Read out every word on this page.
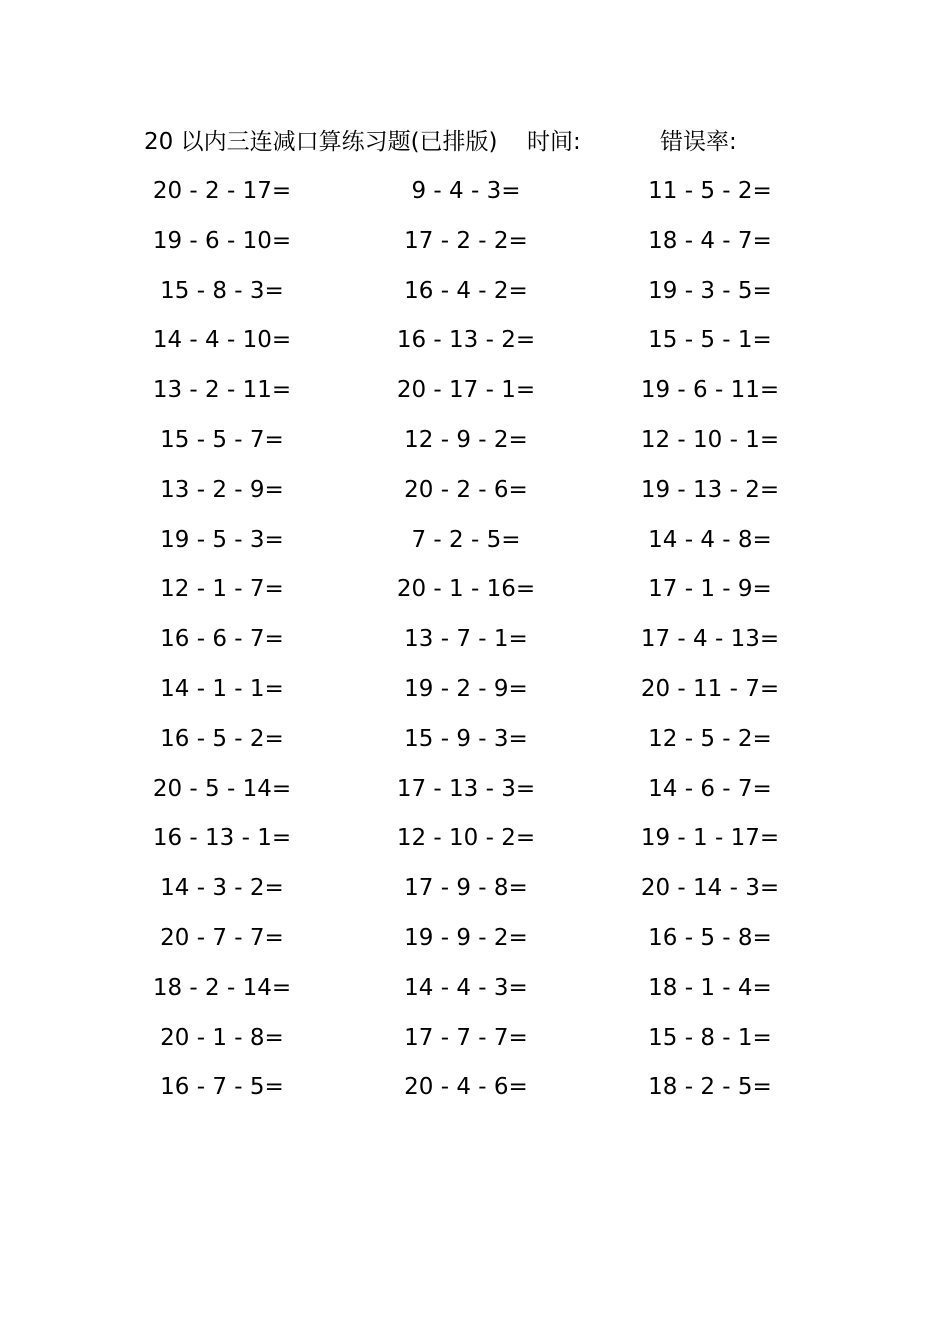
20 以内三连减口算练习题(已排版) 时间:	错误率:
20 - 2 - 17=	9 - 4 - 3=	11 - 5 - 2=
19 - 6 - 10=	17 - 2 - 2=	18 - 4 - 7=
15 - 8 - 3=	16 - 4 - 2=	19 - 3 - 5=
14 - 4 - 10=	16 - 13 - 2=	15 - 5 - 1=
13 - 2 - 11=	20 - 17 - 1=	19 - 6 - 11=
15 - 5 - 7=	12 - 9 - 2=	12 - 10 - 1=
13 - 2 - 9=	20 - 2 - 6=	19 - 13 - 2=
19 - 5 - 3=	7 - 2 - 5=	14 - 4 - 8=
12 - 1 - 7=	20 - 1 - 16=	17 - 1 - 9=
16 - 6 - 7=	13 - 7 - 1=	17 - 4 - 13=
14 - 1 - 1=	19 - 2 - 9=	20 - 11 - 7=
16 - 5 - 2=	15 - 9 - 3=	12 - 5 - 2=
20 - 5 - 14=	17 - 13 - 3=	14 - 6 - 7=
16 - 13 - 1=	12 - 10 - 2=	19 - 1 - 17=
14 - 3 - 2=	17 - 9 - 8=	20 - 14 - 3=
20 - 7 - 7=	19 - 9 - 2=	16 - 5 - 8=
18 - 2 - 14=	14 - 4 - 3=	18 - 1 - 4=
20 - 1 - 8=	17 - 7 - 7=	15 - 8 - 1=
16 - 7 - 5=	20 - 4 - 6=	18 - 2 - 5=
